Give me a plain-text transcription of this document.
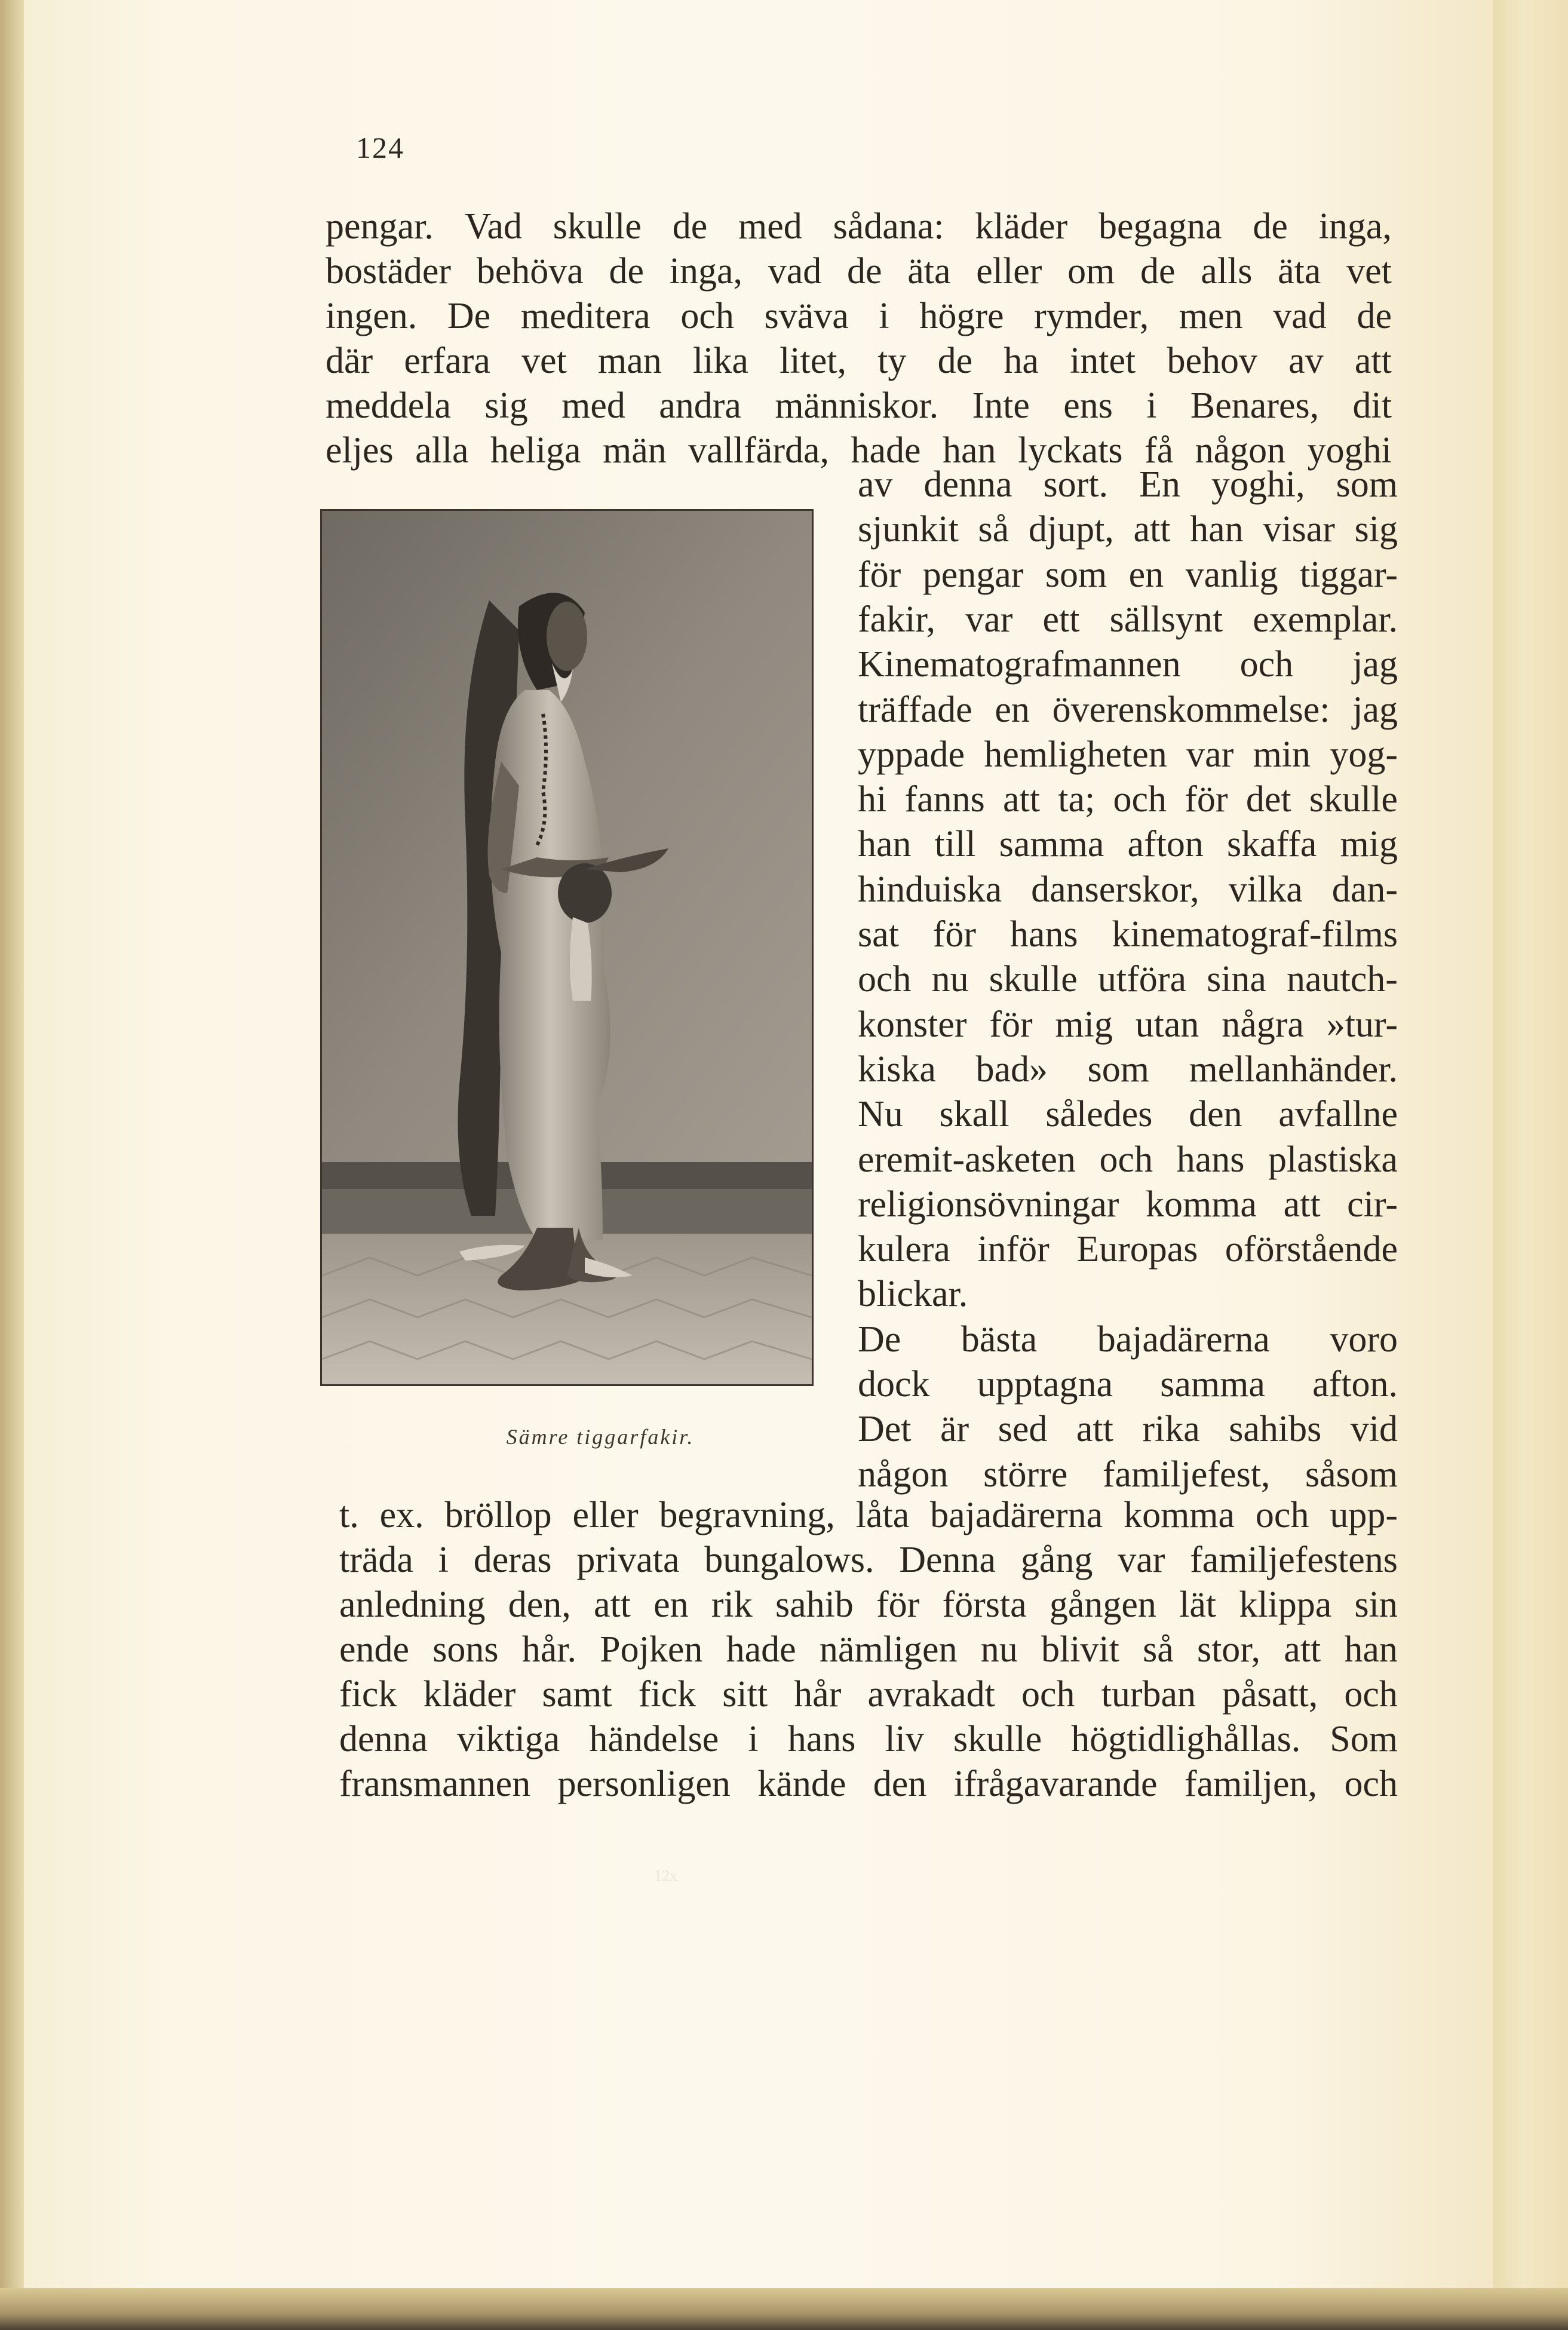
124
pengar. Vad skulle de med sådana: kläder begagna de inga,
bostäder behöva de inga, vad de äta eller om de alls äta vet
ingen. De meditera och sväva i högre rymder, men vad de
där erfara vet man lika litet, ty de ha intet behov av att
meddela sig med andra människor. Inte ens i Benares, dit
eljes alla heliga män vallfärda, hade han lyckats få någon yoghi
av denna sort. En yoghi, som
sjunkit så djupt, att han visar sig
för pengar som en vanlig tiggar-
fakir, var ett sällsynt exemplar.
Kinematografmannen och jag
träffade en överenskommelse: jag
yppade hemligheten var min yog-
hi fanns att ta; och för det skulle
han till samma afton skaffa mig
hinduiska danserskor, vilka dan-
sat för hans kinematograf-films
och nu skulle utföra sina nautch-
konster för mig utan några »tur-
kiska bad» som mellanhänder.
Nu skall således den avfallne
eremit-asketen och hans plastiska
religionsövningar komma att cir-
kulera inför Europas oförstående
blickar.
De bästa bajadärerna voro
dock upptagna samma afton.
Det är sed att rika sahibs vid
någon större familjefest, såsom
t. ex. bröllop eller begravning, låta bajadärerna komma och upp-
träda i deras privata bungalows. Denna gång var familjefestens
anledning den, att en rik sahib för första gången lät klippa sin
ende sons hår. Pojken hade nämligen nu blivit så stor, att han
fick kläder samt fick sitt hår avrakadt och turban påsatt, och
denna viktiga händelse i hans liv skulle högtidlighållas. Som
fransmannen personligen kände den ifrågavarande familjen, och
12x
Sämre tiggarfakir.
